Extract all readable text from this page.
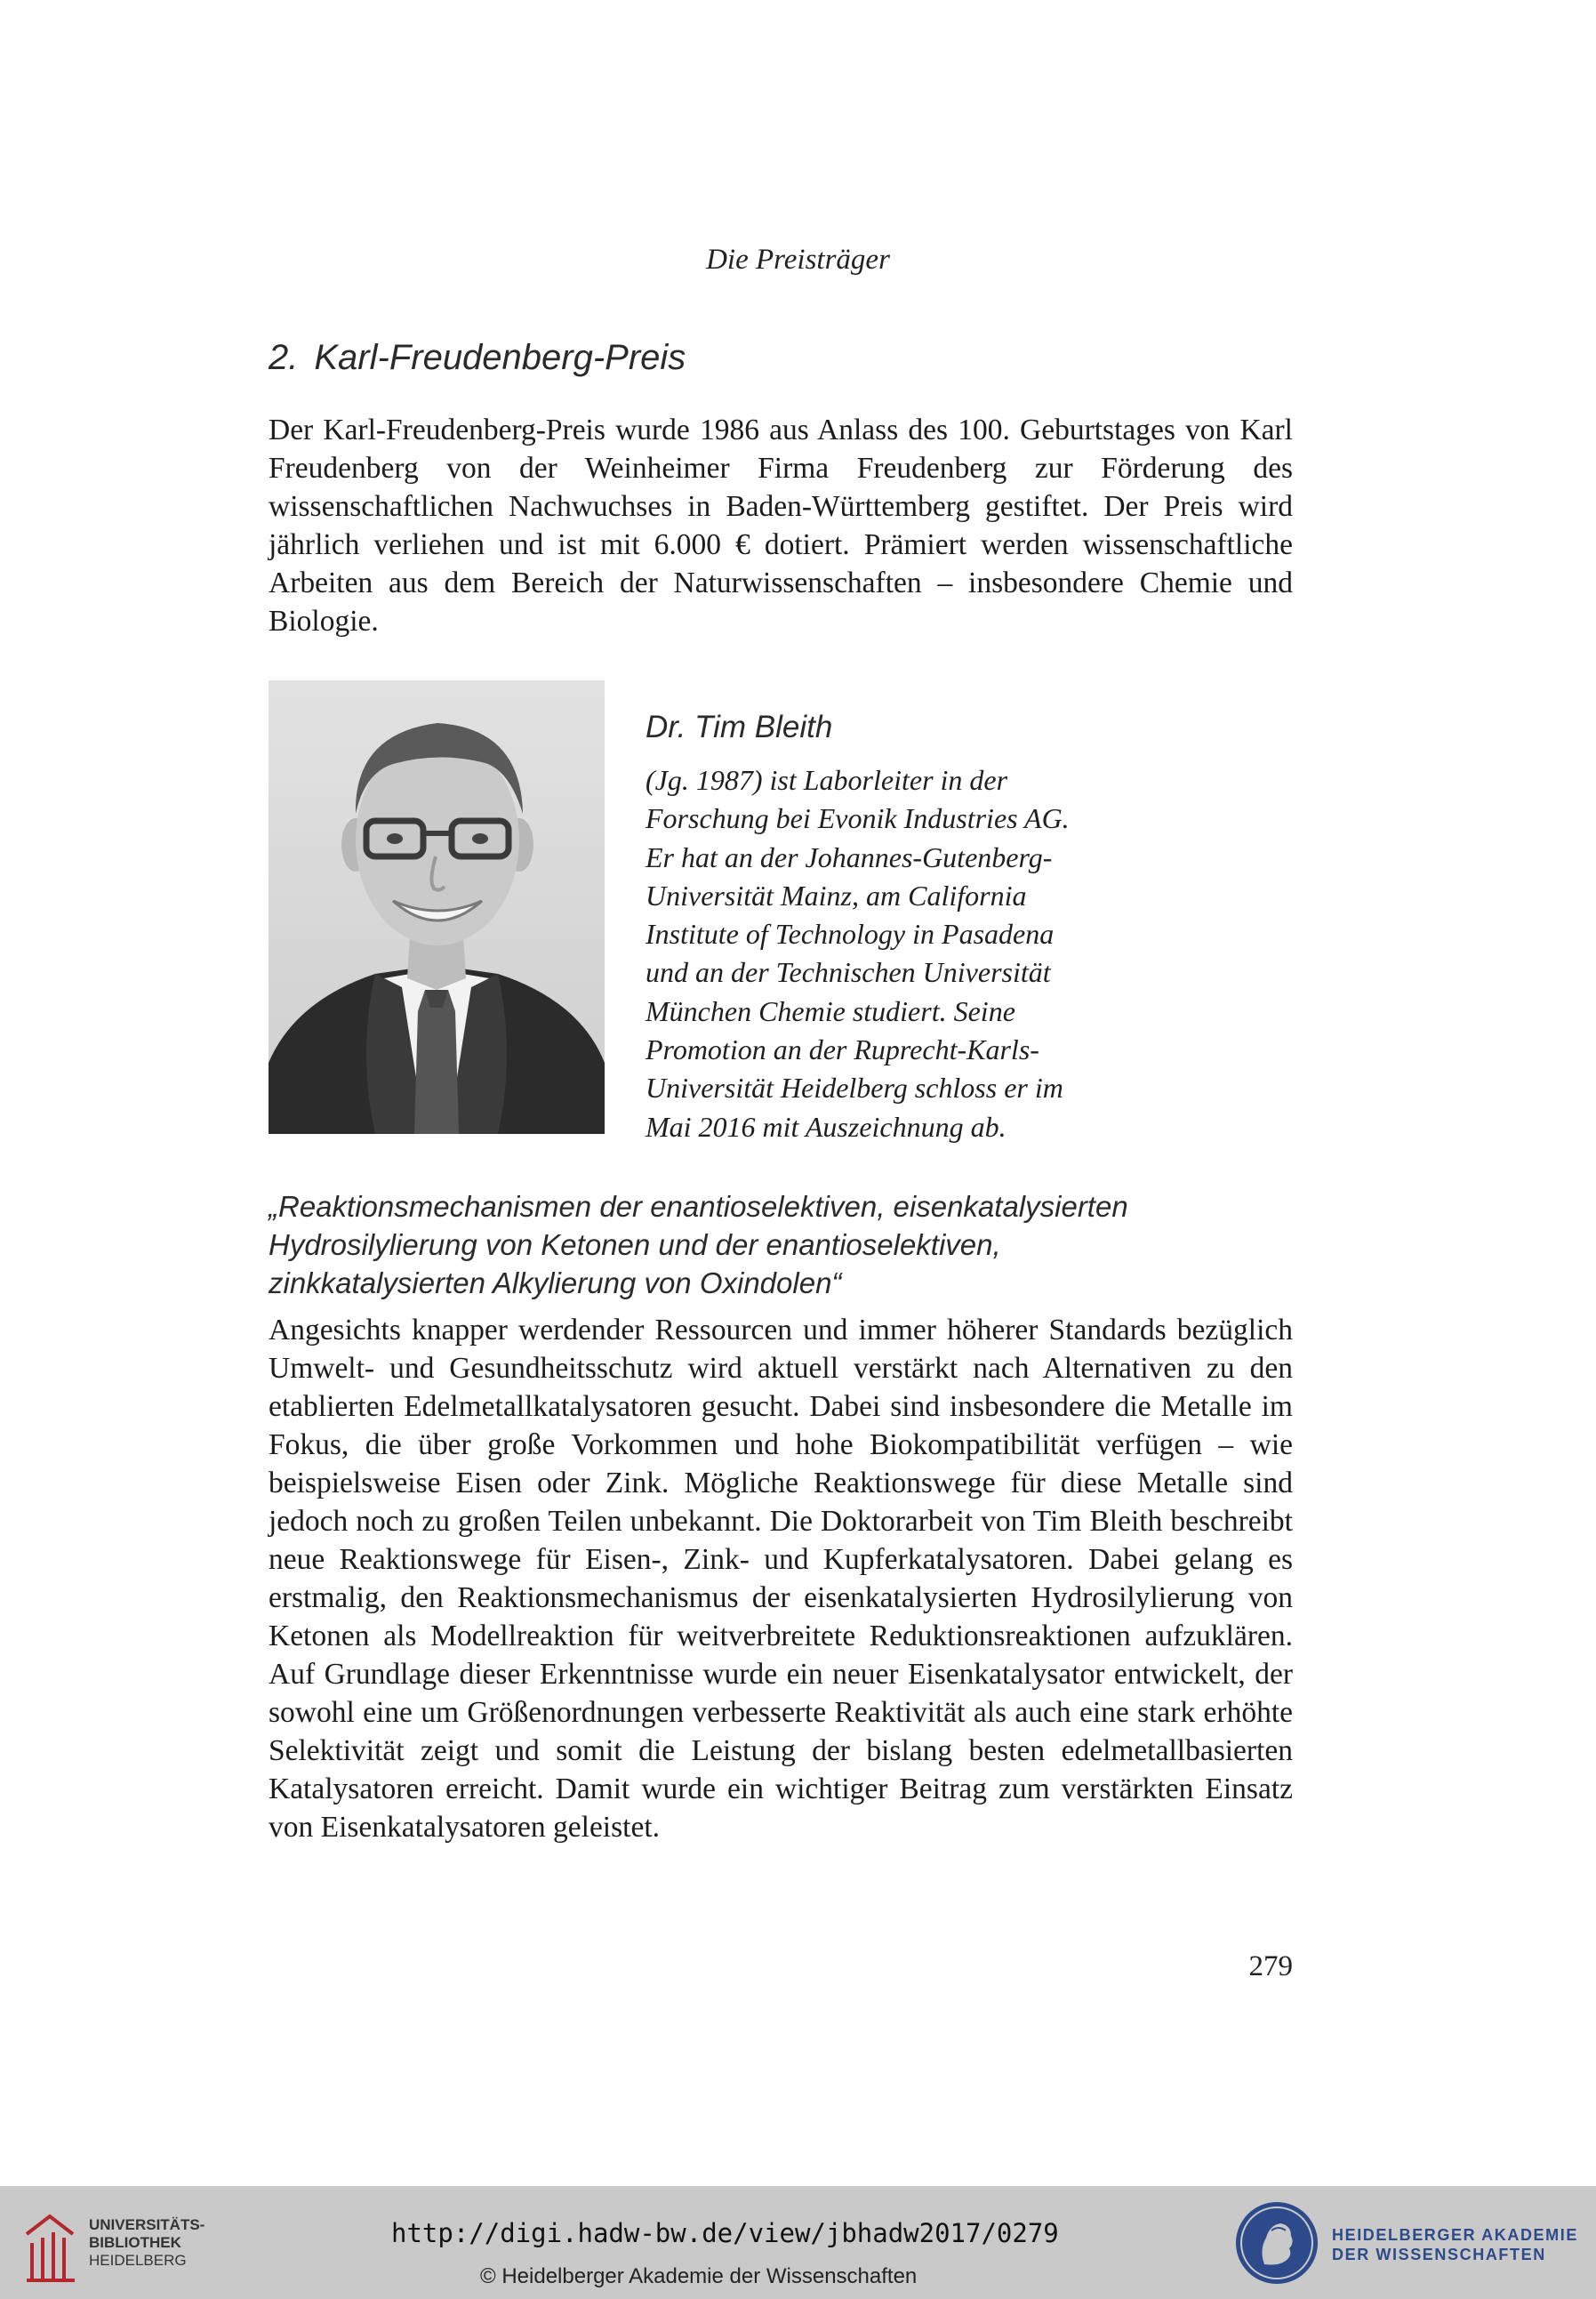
Die Preisträger
2. Karl-Freudenberg-Preis

Der Karl-Freudenberg-Preis wurde 1986 aus Anlass des 100. Geburtstages von Karl Freudenberg von der Weinheimer Firma Freudenberg zur Förderung des wissenschaftlichen Nachwuchses in Baden-Württemberg gestiftet. Der Preis wird jährlich verliehen und ist mit 6.000 € dotiert. Prämiert werden wissenschaftliche Arbeiten aus dem Bereich der Naturwissenschaften – insbesondere Chemie und Biologie.

Dr. Tim Bleith
(Jg. 1987) ist Laborleiter in der
Forschung bei Evonik Industries AG.
Er hat an der Johannes-Gutenberg-
Universität Mainz, am California
Institute of Technology in Pasadena
und an der Technischen Universität
München Chemie studiert. Seine
Promotion an der Ruprecht-Karls-
Universität Heidelberg schloss er im
Mai 2016 mit Auszeichnung ab.
„Reaktionsmechanismen der enantioselektiven, eisenkatalysierten
Hydrosilylierung von Ketonen und der enantioselektiven,
zinkkatalysierten Alkylierung von Oxindolen“

Angesichts knapper werdender Ressourcen und immer höherer Standards bezüglich Umwelt- und Gesundheitsschutz wird aktuell verstärkt nach Alternativen zu den etablierten Edelmetallkatalysatoren gesucht. Dabei sind insbesondere die Metalle im Fokus, die über große Vorkommen und hohe Biokompatibilität verfügen – wie beispielsweise Eisen oder Zink. Mögliche Reaktionswege für diese Metalle sind jedoch noch zu großen Teilen unbekannt. Die Doktorarbeit von Tim Bleith beschreibt neue Reaktionswege für Eisen-, Zink- und Kupferkatalysatoren. Dabei gelang es erstmalig, den Reaktionsmechanismus der eisenkatalysierten Hydrosilylierung von Ketonen als Modellreaktion für weitverbreitete Reduktionsreaktionen aufzuklären. Auf Grundlage dieser Erkenntnisse wurde ein neuer Eisenkatalysator entwickelt, der sowohl eine um Größenordnungen verbesserte Reaktivität als auch eine stark erhöhte Selektivität zeigt und somit die Leistung der bislang besten edelmetallbasierten Katalysatoren erreicht. Damit wurde ein wichtiger Beitrag zum verstärkten Einsatz von Eisenkatalysatoren geleistet.

279
UNIVERSITÄTS-
BIBLIOTHEK
HEIDELBERG
http://digi.hadw-bw.de/view/jbhadw2017/0279
© Heidelberger Akademie der Wissenschaften
HEIDELBERGER AKADEMIE
DER WISSENSCHAFTEN
